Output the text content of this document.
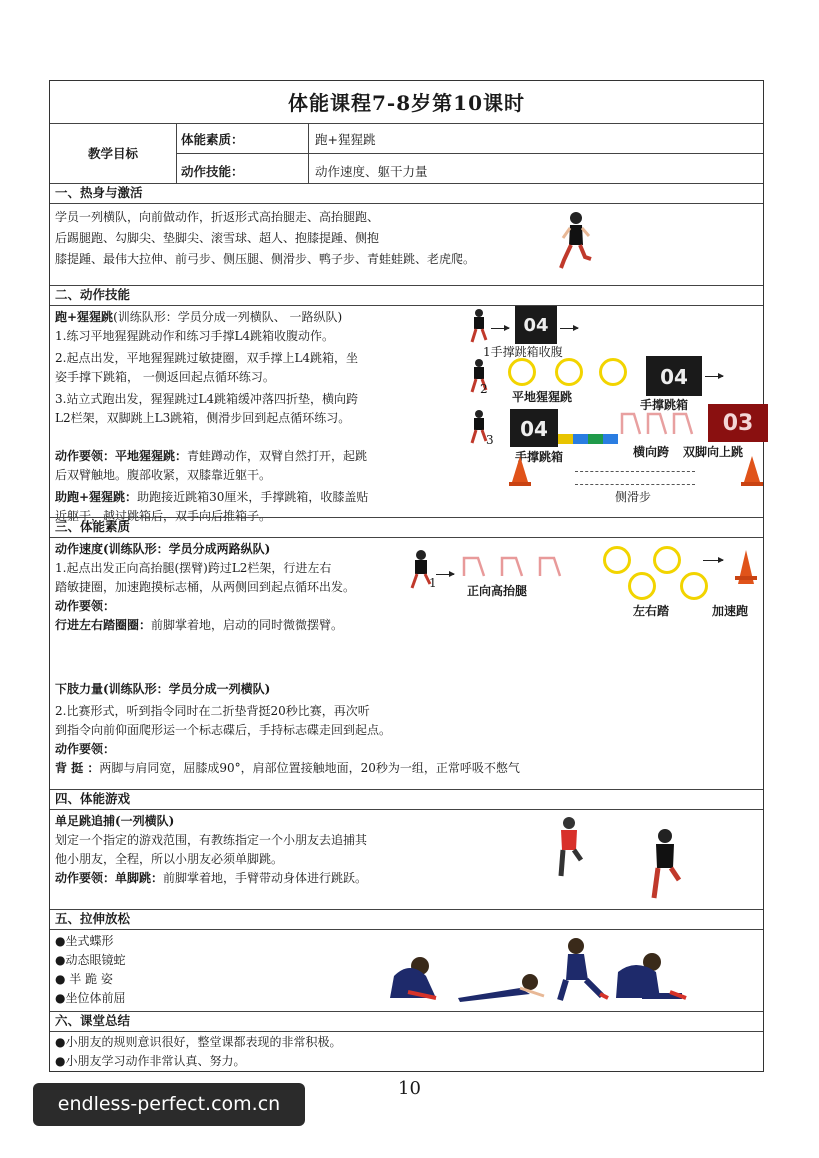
体能课程7-8岁第10课时
教学目标
体能素质：	跑+猩猩跳
动作技能：	动作速度、躯干力量
一、热身与激活

学员一列横队，向前做动作，折返形式高抬腿走、高抬腿跑、

后踢腿跑、勾脚尖、垫脚尖、滚雪球、超人、抱膝提踵、侧抱

膝提踵、最伟大拉伸、前弓步、侧压腿、侧滑步、鸭子步、青蛙蛙跳、老虎爬。

二、动作技能

跑+猩猩跳(训练队形：学员分成一列横队、 一路纵队)

1.练习平地猩猩跳动作和练习手撑L4跳箱收腹动作。

2.起点出发，平地猩猩跳过敏捷圈，双手撑上L4跳箱，坐

姿手撑下跳箱， 一侧返回起点循环练习。

3.站立式跑出发，猩猩跳过L4跳箱缓冲落四折垫，横向跨

L2栏架，双脚跳上L3跳箱，侧滑步回到起点循环练习。

动作要领：平地猩猩跳：青蛙蹲动作，双臂自然打开，起跳

后双臂触地。腹部收紧，双膝靠近躯干。

助跑+猩猩跳：助跑接近跳箱30厘米，手撑跳箱，收膝盖贴

近躯干，越过跳箱后，双手向后推箱子。

04
1手撑跳箱收腹
2
平地猩猩跳
04
手撑跳箱
3	04	03
手撑跳箱	横向跨 双脚向上跳
侧滑步
三、体能素质

动作速度(训练队形：学员分成两路纵队)

1.起点出发正向高抬腿(摆臂)跨过L2栏架，行进左右

踏敏捷圈，加速跑摸标志桶，从两侧回到起点循环出发。

动作要领：

行进左右踏圈圈：前脚掌着地，启动的同时微微摆臂。

1
正向高抬腿
左右踏	加速跑

下肢力量(训练队形：学员分成一列横队)

2.比赛形式，听到指令同时在二折垫背挺20秒比赛，再次听

到指令向前仰面爬形运一个标志碟后，手持标志碟走回到起点。

动作要领：

背 挺 ：两脚与肩同宽，屈膝成90°，肩部位置接触地面，20秒为一组，正常呼吸不憋气

四、体能游戏

单足跳追捕(一列横队)

划定一个指定的游戏范围，有教练指定一个小朋友去追捕其

他小朋友，全程，所以小朋友必须单脚跳。

动作要领：单脚跳：前脚掌着地，手臂带动身体进行跳跃。

五、拉伸放松

●坐式蝶形

●动态眼镜蛇

● 半 跪 姿

●坐位体前屈

六、课堂总结

●小朋友的规则意识很好，整堂课都表现的非常积极。

●小朋友学习动作非常认真、努力。

10
endless-perfect.com.cn
